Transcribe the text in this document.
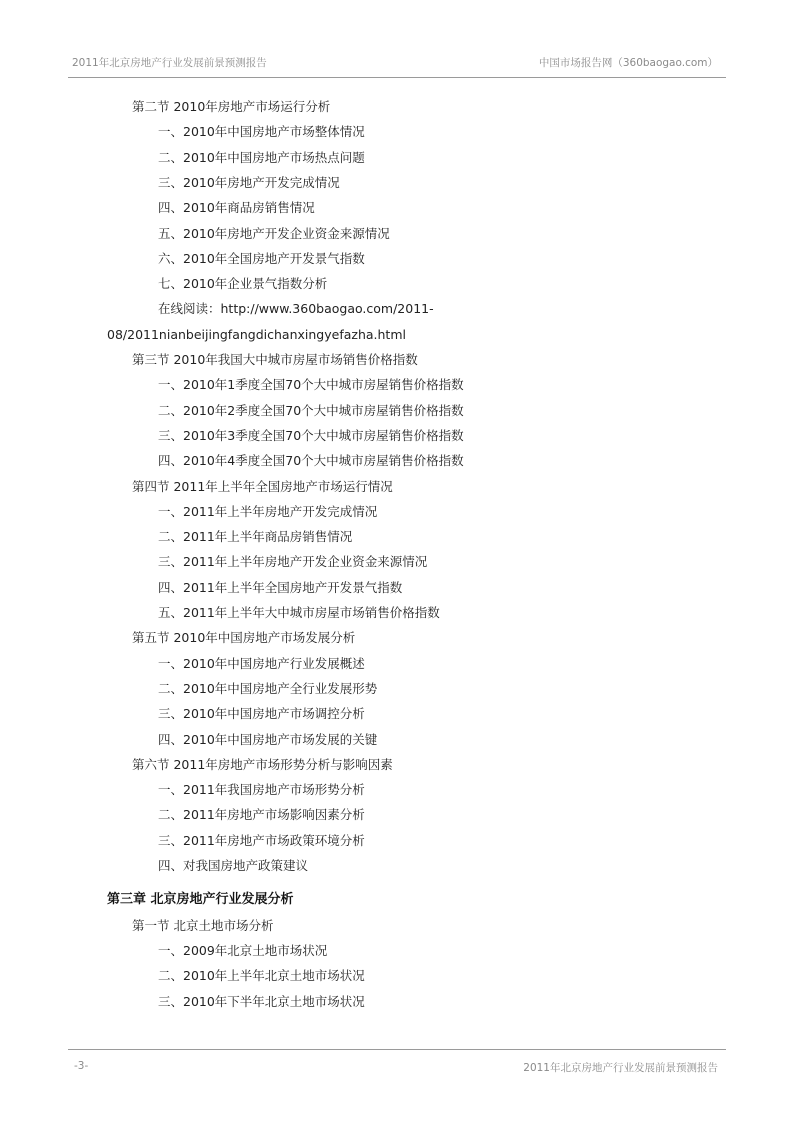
2011年北京房地产行业发展前景预测报告	中国市场报告网（360baogao.com）
第二节 2010年房地产市场运行分析
一、2010年中国房地产市场整体情况
二、2010年中国房地产市场热点问题
三、2010年房地产开发完成情况
四、2010年商品房销售情况
五、2010年房地产开发企业资金来源情况
六、2010年全国房地产开发景气指数
七、2010年企业景气指数分析
在线阅读：http://www.360baogao.com/2011-
08/2011nianbeijingfangdichanxingyefazha.html
第三节 2010年我国大中城市房屋市场销售价格指数
一、2010年1季度全国70个大中城市房屋销售价格指数
二、2010年2季度全国70个大中城市房屋销售价格指数
三、2010年3季度全国70个大中城市房屋销售价格指数
四、2010年4季度全国70个大中城市房屋销售价格指数
第四节 2011年上半年全国房地产市场运行情况
一、2011年上半年房地产开发完成情况
二、2011年上半年商品房销售情况
三、2011年上半年房地产开发企业资金来源情况
四、2011年上半年全国房地产开发景气指数
五、2011年上半年大中城市房屋市场销售价格指数
第五节 2010年中国房地产市场发展分析
一、2010年中国房地产行业发展概述
二、2010年中国房地产全行业发展形势
三、2010年中国房地产市场调控分析
四、2010年中国房地产市场发展的关键
第六节 2011年房地产市场形势分析与影响因素
一、2011年我国房地产市场形势分析
二、2011年房地产市场影响因素分析
三、2011年房地产市场政策环境分析
四、对我国房地产政策建议
第三章 北京房地产行业发展分析
第一节 北京土地市场分析
一、2009年北京土地市场状况
二、2010年上半年北京土地市场状况
三、2010年下半年北京土地市场状况
-3-	2011年北京房地产行业发展前景预测报告
